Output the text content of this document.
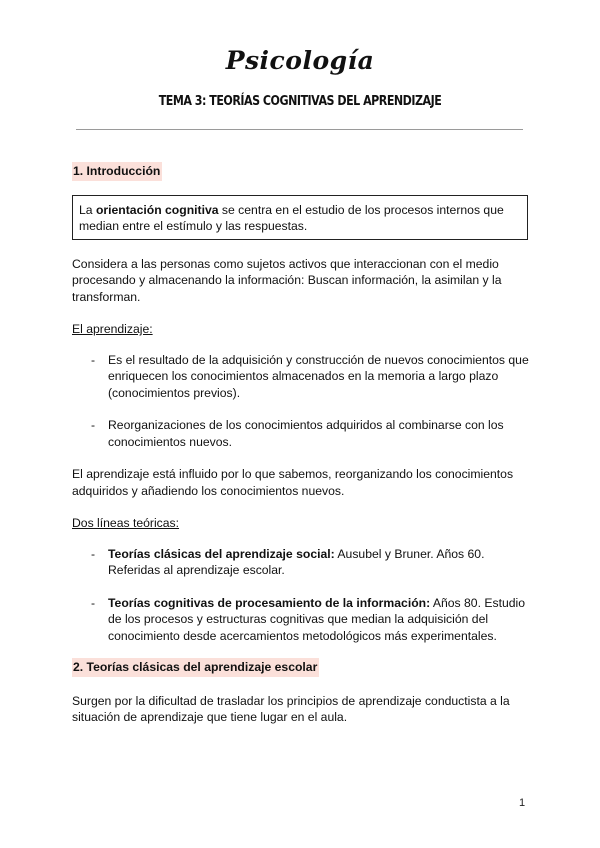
Psicología
TEMA 3: TEORÍAS COGNITIVAS DEL APRENDIZAJE
1. Introducción
La orientación cognitiva se centra en el estudio de los procesos internos que median entre el estímulo y las respuestas.
Considera a las personas como sujetos activos que interaccionan con el medio procesando y almacenando la información: Buscan información, la asimilan y la transforman.
El aprendizaje:
-	Es el resultado de la adquisición y construcción de nuevos conocimientos que enriquecen los conocimientos almacenados en la memoria a largo plazo (conocimientos previos).
-	Reorganizaciones de los conocimientos adquiridos al combinarse con los conocimientos nuevos.
El aprendizaje está influido por lo que sabemos, reorganizando los conocimientos adquiridos y añadiendo los conocimientos nuevos.
Dos líneas teóricas:
-	Teorías clásicas del aprendizaje social: Ausubel y Bruner. Años 60. Referidas al aprendizaje escolar.
-	Teorías cognitivas de procesamiento de la información: Años 80. Estudio de los procesos y estructuras cognitivas que median la adquisición del conocimiento desde acercamientos metodológicos más experimentales.
2. Teorías clásicas del aprendizaje escolar
Surgen por la dificultad de trasladar los principios de aprendizaje conductista a la situación de aprendizaje que tiene lugar en el aula.
1
